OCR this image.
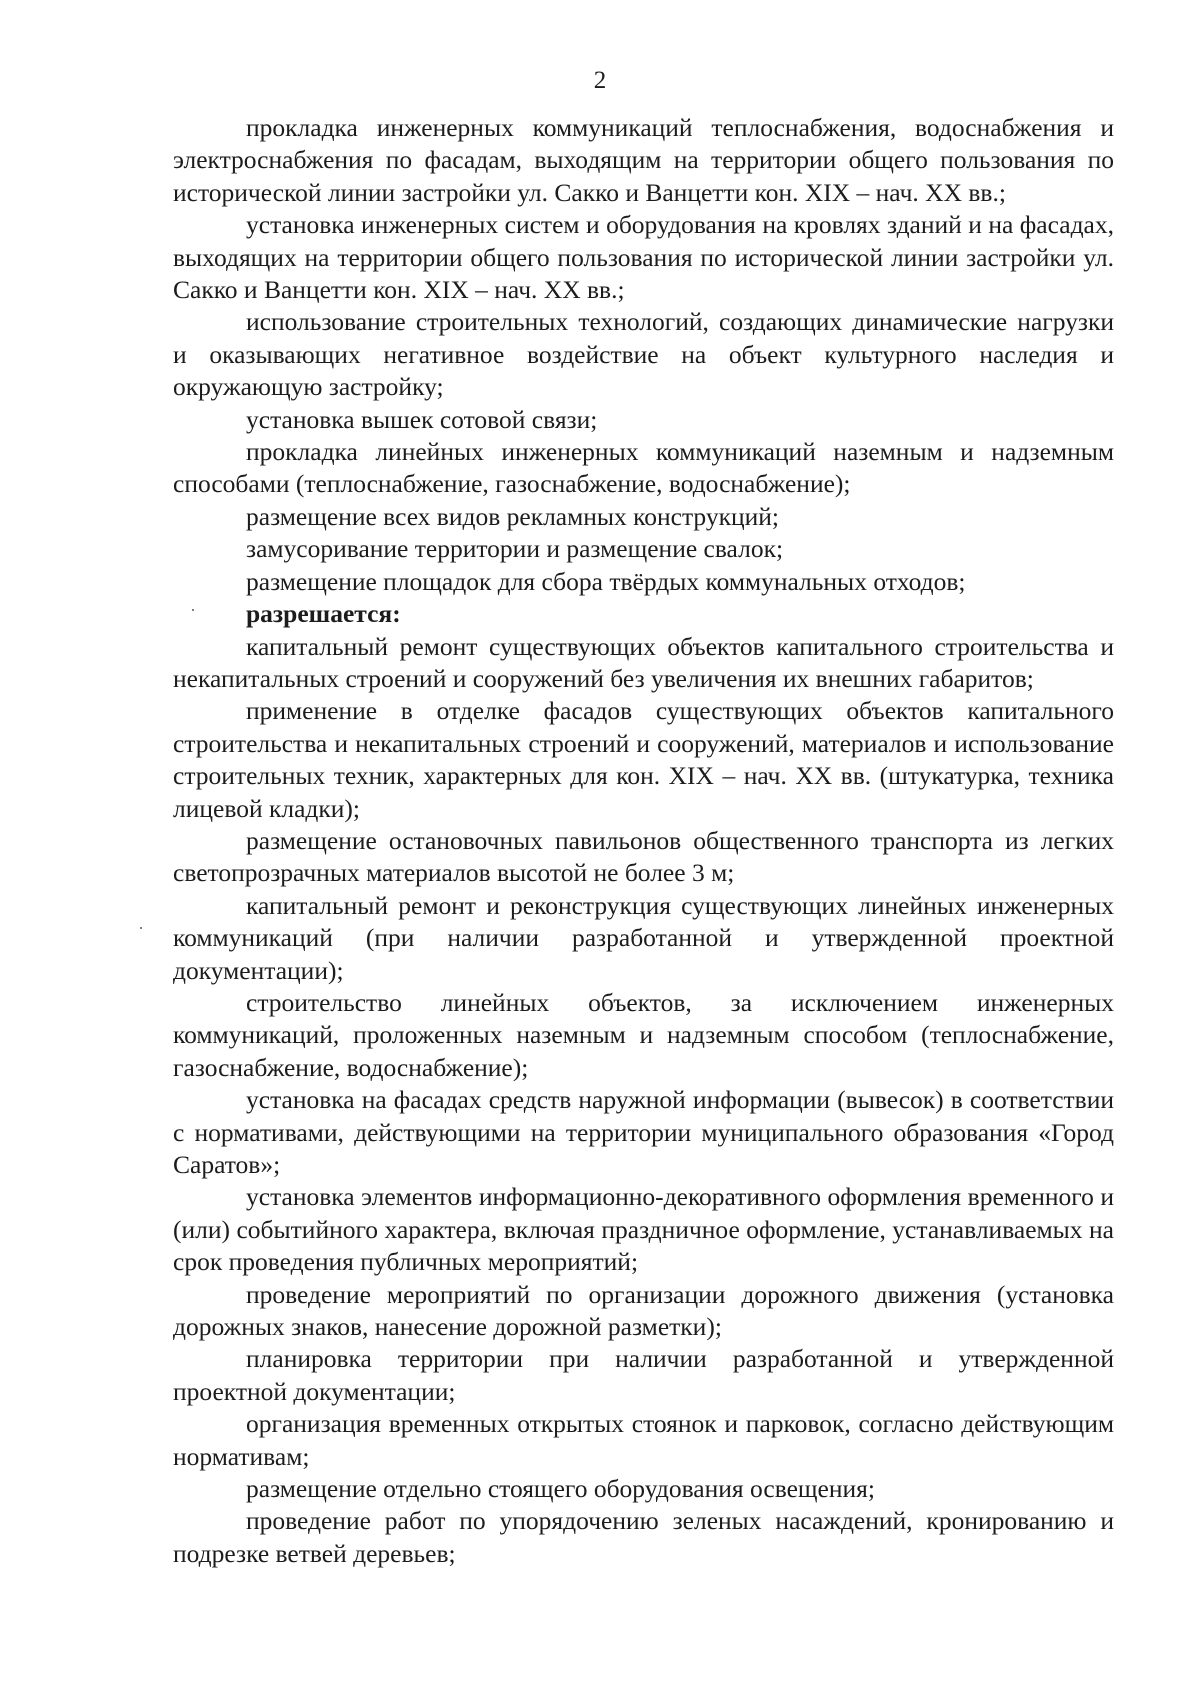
2

прокладка инженерных коммуникаций теплоснабжения, водоснабжения и электроснабжения по фасадам, выходящим на территории общего пользования по исторической линии застройки ул. Сакко и Ванцетти кон. XIX – нач. XX вв.;

установка инженерных систем и оборудования на кровлях зданий и на фасадах, выходящих на территории общего пользования по исторической линии застройки ул. Сакко и Ванцетти кон. XIX – нач. XX вв.;

использование строительных технологий, создающих динамические нагрузки и оказывающих негативное воздействие на объект культурного наследия и окружающую застройку;

установка вышек сотовой связи;

прокладка линейных инженерных коммуникаций наземным и надземным способами (теплоснабжение, газоснабжение, водоснабжение);

размещение всех видов рекламных конструкций;

замусоривание территории и размещение свалок;

размещение площадок для сбора твёрдых коммунальных отходов;

разрешается:

капитальный ремонт существующих объектов капитального строительства и некапитальных строений и сооружений без увеличения их внешних габаритов;

применение в отделке фасадов существующих объектов капитального строительства и некапитальных строений и сооружений, материалов и использование строительных техник, характерных для кон. XIX – нач. XX вв. (штукатурка, техника лицевой кладки);

размещение остановочных павильонов общественного транспорта из легких светопрозрачных материалов высотой не более 3 м;

капитальный ремонт и реконструкция существующих линейных инженерных коммуникаций (при наличии разработанной и утвержденной проектной документации);

строительство линейных объектов, за исключением инженерных коммуникаций, проложенных наземным и надземным способом (теплоснабжение, газоснабжение, водоснабжение);

установка на фасадах средств наружной информации (вывесок) в соответствии с нормативами, действующими на территории муниципального образования «Город Саратов»;

установка элементов информационно-декоративного оформления временного и (или) событийного характера, включая праздничное оформление, устанавливаемых на срок проведения публичных мероприятий;

проведение мероприятий по организации дорожного движения (установка дорожных знаков, нанесение дорожной разметки);

планировка территории при наличии разработанной и утвержденной проектной документации;

организация временных открытых стоянок и парковок, согласно действующим нормативам;

размещение отдельно стоящего оборудования освещения;

проведение работ по упорядочению зеленых насаждений, кронированию и подрезке ветвей деревьев;
